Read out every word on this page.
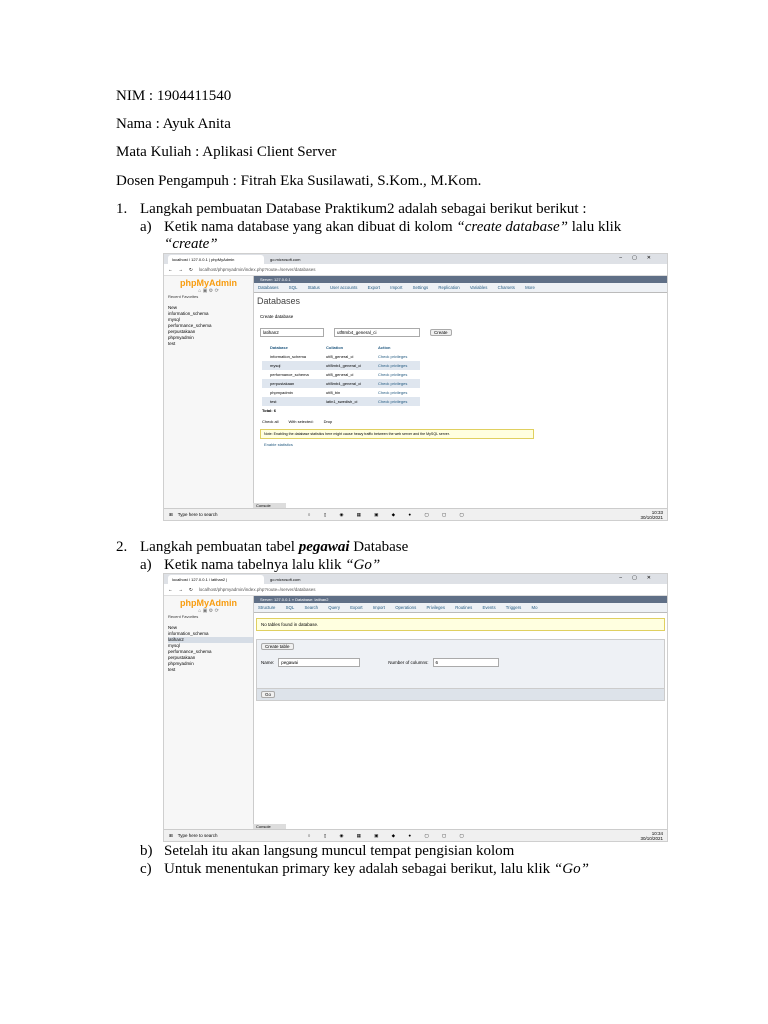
NIM : 1904411540
Nama : Ayuk Anita
Mata Kuliah : Aplikasi Client Server
Dosen Pengampuh : Fitrah Eka Susilawati, S.Kom., M.Kom.
1. Langkah pembuatan Database Praktikum2 adalah sebagai berikut berikut :
a) Ketik nama database yang akan dibuat di kolom “create database” lalu klik
“create”
localhost / 127.0.0.1 | phpMyAdmin	go.microsoft.com	–▢✕
← → ↻ localhost/phpmyadmin/index.php?route=/server/databases
phpMyAdmin
⌂ ▣ ⚙ ⟳
Recent Favorites
New
information_schema
mysql
performance_schema
perpustakaan
phpmyadmin
test
Server: 127.0.0.1
Databases SQL Status User accounts Export Import Settings Replication Variables Charsets More
Databases
Create database
latihan2	utf8mb4_general_ci	Create
Database	Collation	Action
information_schema	utf8_general_ci	Check privileges
mysql	utf8mb4_general_ci	Check privileges
performance_schema	utf8_general_ci	Check privileges
perpustakaan	utf8mb4_general_ci	Check privileges
phpmyadmin	utf8_bin	Check privileges
test	latin1_swedish_ci	Check privileges
Total: 6
Check all	With selected:	Drop
Note: Enabling the database statistics here might cause heavy traffic between the web server and the MySQL server.
Enable statistics
Console
⊞ Type here to search	○ ▯ ◉ ▦ ▣ ◆ ● ▢ ▢ ▢	10:33
30/10/2021
2. Langkah pembuatan tabel pegawai Database
a) Ketik nama tabelnya lalu klik “Go”
localhost / 127.0.0.1 / latihan2 |	go.microsoft.com	–▢✕
← → ↻ localhost/phpmyadmin/index.php?route=/server/databases
phpMyAdmin
⌂ ▣ ⚙ ⟳
Recent Favorites
New
information_schema
latihan2
mysql
performance_schema
perpustakaan
phpmyadmin
test
Server: 127.0.0.1 » Database: latihan2
Structure SQL Search Query Export Import Operations Privileges Routines Events Triggers Mo
No tables found in database.
Create table
Name:	pegawai	Number of columns:	6
Go
Console
⊞ Type here to search	○ ▯ ◉ ▦ ▣ ◆ ● ▢ ▢ ▢	10:34
30/10/2021
b) Setelah itu akan langsung muncul tempat pengisian kolom
c) Untuk menentukan primary key adalah sebagai berikut, lalu klik “Go”
